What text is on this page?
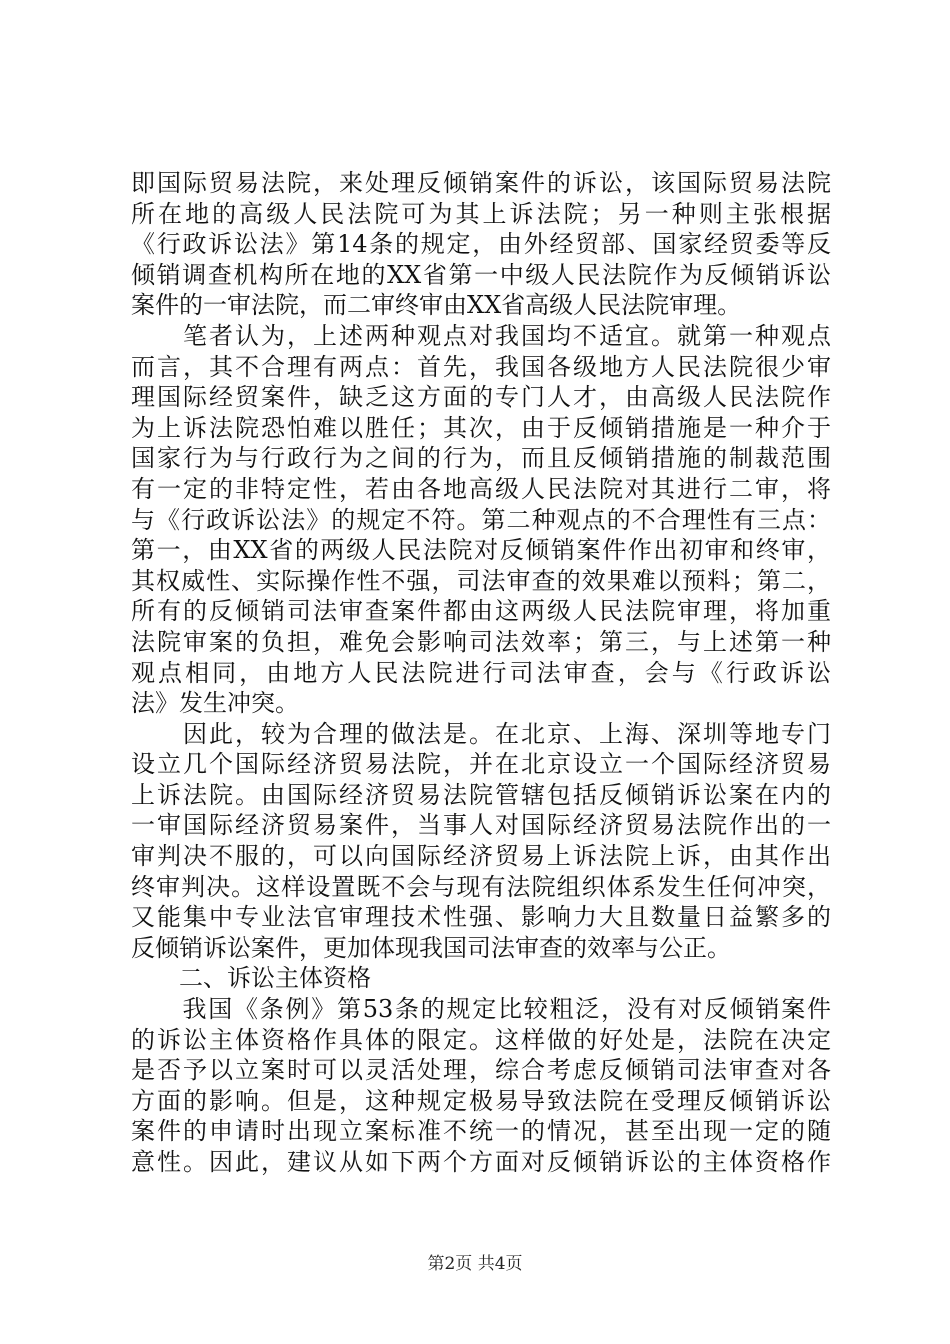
即国际贸易法院，来处理反倾销案件的诉讼，该国际贸易法院
所在地的高级人民法院可为其上诉法院；另一种则主张根据
《行政诉讼法》第14条的规定，由外经贸部、国家经贸委等反
倾销调查机构所在地的XX省第一中级人民法院作为反倾销诉讼
案件的一审法院，而二审终审由XX省高级人民法院审理。
　　笔者认为，上述两种观点对我国均不适宜。就第一种观点
而言，其不合理有两点：首先，我国各级地方人民法院很少审
理国际经贸案件，缺乏这方面的专门人才，由高级人民法院作
为上诉法院恐怕难以胜任；其次，由于反倾销措施是一种介于
国家行为与行政行为之间的行为，而且反倾销措施的制裁范围
有一定的非特定性，若由各地高级人民法院对其进行二审，将
与《行政诉讼法》的规定不符。第二种观点的不合理性有三点：
第一，由XX省的两级人民法院对反倾销案件作出初审和终审，
其权威性、实际操作性不强，司法审查的效果难以预料；第二，
所有的反倾销司法审查案件都由这两级人民法院审理，将加重
法院审案的负担，难免会影响司法效率；第三，与上述第一种
观点相同，由地方人民法院进行司法审查，会与《行政诉讼
法》发生冲突。
　　因此，较为合理的做法是。在北京、上海、深圳等地专门
设立几个国际经济贸易法院，并在北京设立一个国际经济贸易
上诉法院。由国际经济贸易法院管辖包括反倾销诉讼案在内的
一审国际经济贸易案件，当事人对国际经济贸易法院作出的一
审判决不服的，可以向国际经济贸易上诉法院上诉，由其作出
终审判决。这样设置既不会与现有法院组织体系发生任何冲突，
又能集中专业法官审理技术性强、影响力大且数量日益繁多的
反倾销诉讼案件，更加体现我国司法审查的效率与公正。
　　二、诉讼主体资格
　　我国《条例》第53条的规定比较粗泛，没有对反倾销案件
的诉讼主体资格作具体的限定。这样做的好处是，法院在决定
是否予以立案时可以灵活处理，综合考虑反倾销司法审查对各
方面的影响。但是，这种规定极易导致法院在受理反倾销诉讼
案件的申请时出现立案标准不统一的情况，甚至出现一定的随
意性。因此，建议从如下两个方面对反倾销诉讼的主体资格作
第2页 共4页
